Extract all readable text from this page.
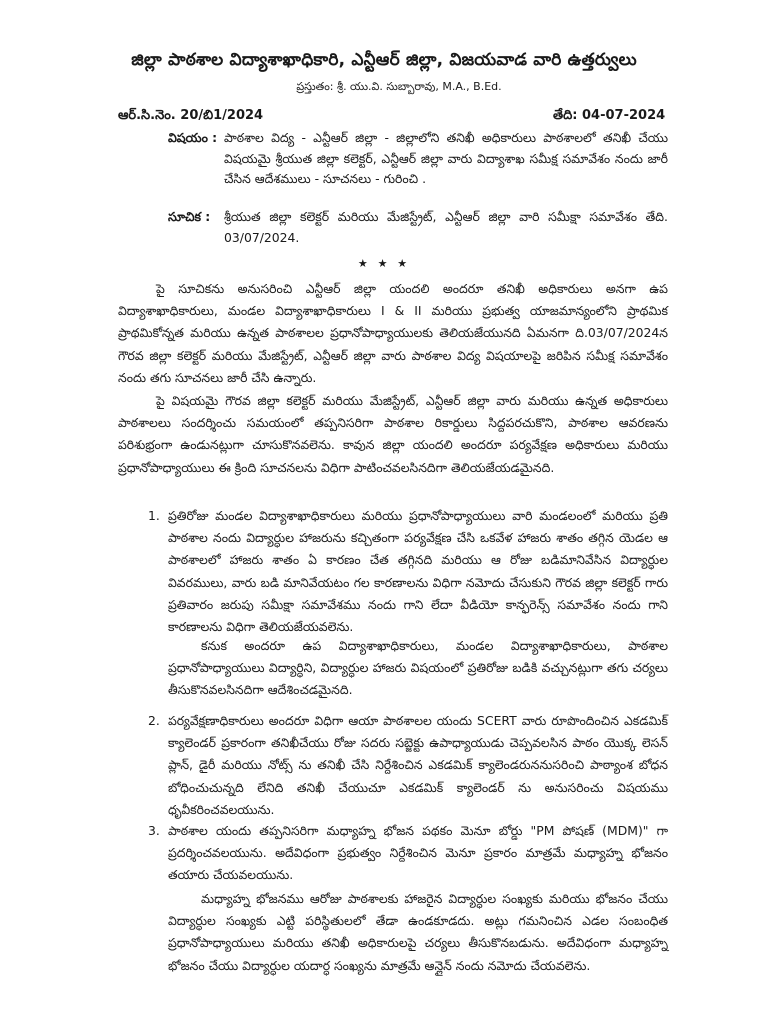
జిల్లా పాఠశాల విద్యాశాఖాధికారి, ఎన్టీఆర్ జిల్లా, విజయవాడ వారి ఉత్తర్వులు
ప్రస్తుతం: శ్రీ. యు.వి. సుబ్బారావు, M.A., B.Ed.
ఆర్.సి.నెం. 20/బి1/2024	తేది: 04-07-2024
విషయం : పాఠశాల విద్య - ఎన్టీఆర్ జిల్లా - జిల్లాలోని తనిఖీ అధికారులు పాఠశాలలో తనిఖీ చేయు విషయమై శ్రీయుత జిల్లా కలెక్టర్, ఎన్టీఆర్ జిల్లా వారు విద్యాశాఖ సమీక్ష సమావేశం నందు జారీ చేసిన ఆదేశములు - సూచనలు - గురించి .
సూచిక :	శ్రీయుత జిల్లా కలెక్టర్ మరియు మేజిస్ట్రేట్, ఎన్టీఆర్ జిల్లా వారి సమీక్షా సమావేశం తేది. 03/07/2024.
★ ★ ★
పై సూచికను అనుసరించి ఎన్టీఆర్ జిల్లా యందలి అందరూ తనిఖీ అధికారులు అనగా ఉప విద్యాశాఖాధికారులు, మండల విద్యాశాఖాధికారులు I & II మరియు ప్రభుత్వ యాజమాన్యంలోని ప్రాథమిక ప్రాథమికోన్నత మరియు ఉన్నత పాఠశాలల ప్రధానోపాధ్యాయులకు తెలియజేయునది ఏమనగా ది.03/07/2024న గౌరవ జిల్లా కలెక్టర్ మరియు మేజిస్ట్రేట్, ఎన్టీఆర్ జిల్లా వారు పాఠశాల విద్య విషయాలపై జరిపిన సమీక్ష సమావేశం నందు తగు సూచనలు జారీ చేసి ఉన్నారు.
పై విషయమై గౌరవ జిల్లా కలెక్టర్ మరియు మేజిస్ట్రేట్, ఎన్టీఆర్ జిల్లా వారు మరియు ఉన్నత అధికారులు పాఠశాలలు సందర్శించు సమయంలో తప్పనిసరిగా పాఠశాల రికార్డులు సిద్దపరచుకొని, పాఠశాల ఆవరణను పరిశుభ్రంగా ఉండునట్లుగా చూసుకొనవలెను. కావున జిల్లా యందలి అందరూ పర్యవేక్షణ అధికారులు మరియు ప్రధానోపాధ్యాయులు ఈ క్రింది సూచనలను విధిగా పాటించవలసినదిగా తెలియజేయడమైనది.
1. ప్రతిరోజు మండల విద్యాశాఖాధికారులు మరియు ప్రధానోపాధ్యాయులు వారి మండలంలో మరియు ప్రతి పాఠశాల నందు విద్యార్ధుల హాజరును కచ్చితంగా పర్యవేక్షణ చేసి ఒకవేళ హాజరు శాతం తగ్గిన యెడల ఆ పాఠశాలలో హాజరు శాతం ఏ కారణం చేత తగ్గినది మరియు ఆ రోజు బడిమానివేసిన విద్యార్ధుల వివరములు, వారు బడి మానివేయటం గల కారణాలను విధిగా నమోదు చేసుకుని గౌరవ జిల్లా కలెక్టర్ గారు ప్రతివారం జరుపు సమీక్షా సమావేశము నందు గాని లేదా వీడియో కాన్ఫరెన్స్ సమావేశం నందు గాని కారణాలను విధిగా తెలియజేయవలెను.
కనుక అందరూ ఉప విద్యాశాఖాధికారులు, మండల విద్యాశాఖాధికారులు, పాఠశాల ప్రధానోపాధ్యాయులు విద్యార్ధిని, విద్యార్ధుల హాజరు విషయంలో ప్రతిరోజు బడికి వచ్చునట్లుగా తగు చర్యలు తీసుకొనవలసినదిగా ఆదేశించడమైనది.
2. పర్యవేక్షణాధికారులు అందరూ విధిగా ఆయా పాఠశాలల యందు SCERT వారు రూపొందించిన ఎకడమిక్ క్యాలెండర్ ప్రకారంగా తనిఖీచేయు రోజు సదరు సబ్జెక్టు ఉపాధ్యాయుడు చెప్పవలసిన పాఠం యొక్క లెసన్ ప్లాన్, డైరీ మరియు నోట్స్ ను తనిఖీ చేసి నిర్దేశించిన ఎకడమిక్ క్యాలెండరుననుసరించి పాఠ్యాంశ బోధన బోధించుచున్నది లేనిది తనిఖీ చేయుచూ ఎకడమిక్ క్యాలెండర్ ను అనుసరించు విషయము ధృవీకరించవలయును.
3. పాఠశాల యందు తప్పనిసరిగా మధ్యాహ్న భోజన పథకం మెనూ బోర్డు "PM పోషణ్ (MDM)" గా ప్రదర్శించవలయును. అదేవిధంగా ప్రభుత్వం నిర్దేశించిన మెనూ ప్రకారం మాత్రమే మధ్యాహ్న భోజనం తయారు చేయవలయును.
మధ్యాహ్న భోజనము ఆరోజు పాఠశాలకు హాజరైన విద్యార్ధుల సంఖ్యకు మరియు భోజనం చేయు విద్యార్ధుల సంఖ్యకు ఎట్టి పరిస్థితులలో తేడా ఉండకూడదు. అట్లు గమనించిన ఎడల సంబంధిత ప్రధానోపాధ్యాయులు మరియు తనిఖీ అధికారులపై చర్యలు తీసుకొనబడును. అదేవిధంగా మధ్యాహ్న భోజనం చేయు విద్యార్ధుల యదార్ధ సంఖ్యను మాత్రమే ఆన్లైన్ నందు నమోదు చేయవలెను.
